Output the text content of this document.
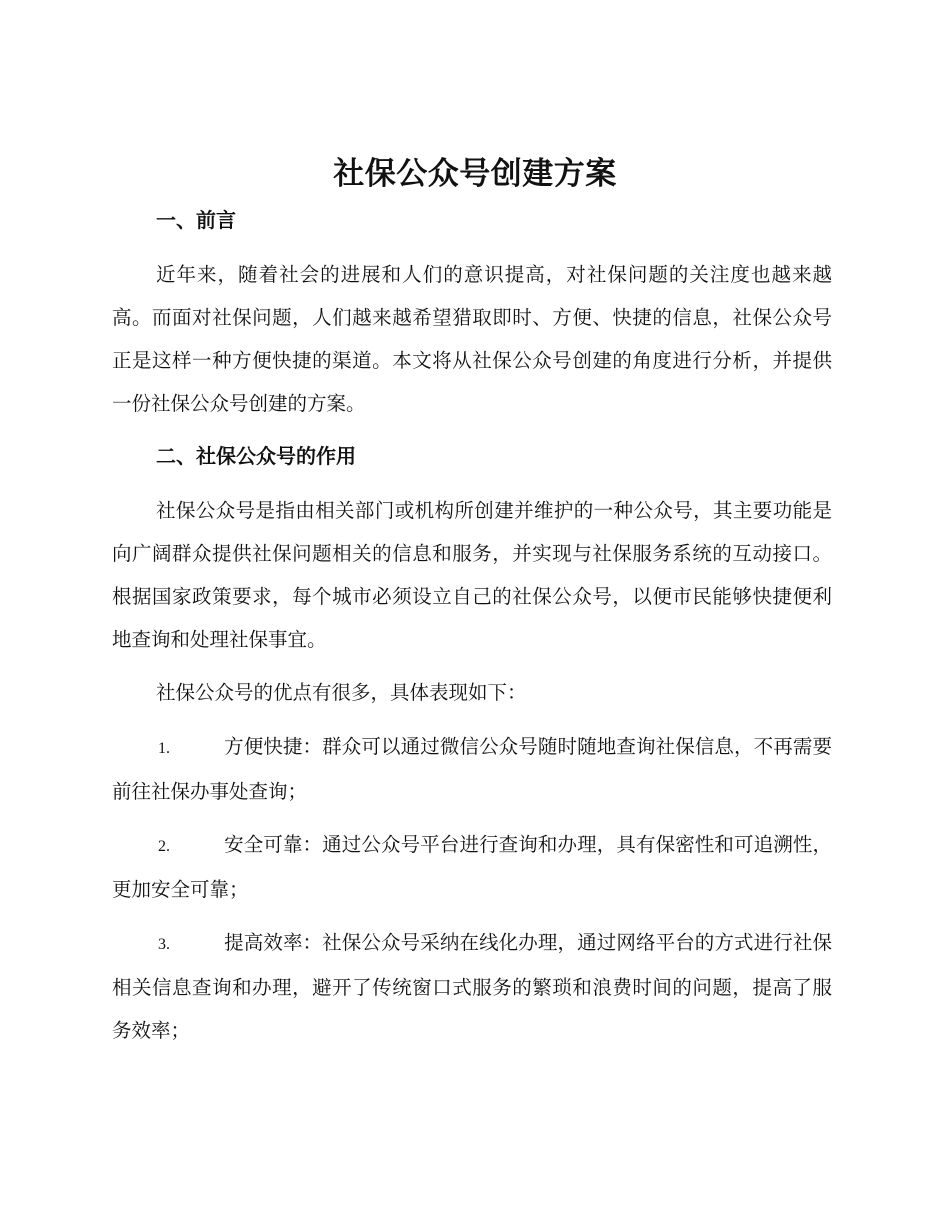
社保公众号创建方案
一、前言

近年来，随着社会的进展和人们的意识提高，对社保问题的关注度也越来越高。而面对社保问题，人们越来越希望猎取即时、方便、快捷的信息，社保公众号正是这样一种方便快捷的渠道。本文将从社保公众号创建的角度进行分析，并提供一份社保公众号创建的方案。

二、社保公众号的作用

社保公众号是指由相关部门或机构所创建并维护的一种公众号，其主要功能是向广阔群众提供社保问题相关的信息和服务，并实现与社保服务系统的互动接口。根据国家政策要求，每个城市必须设立自己的社保公众号，以便市民能够快捷便利地查询和处理社保事宜。

社保公众号的优点有很多，具体表现如下：

1.	方便快捷：群众可以通过微信公众号随时随地查询社保信息，不再需要前往社保办事处查询；

2.	安全可靠：通过公众号平台进行查询和办理，具有保密性和可追溯性，更加安全可靠；

3.	提高效率：社保公众号采纳在线化办理，通过网络平台的方式进行社保相关信息查询和办理，避开了传统窗口式服务的繁琐和浪费时间的问题，提高了服务效率；
